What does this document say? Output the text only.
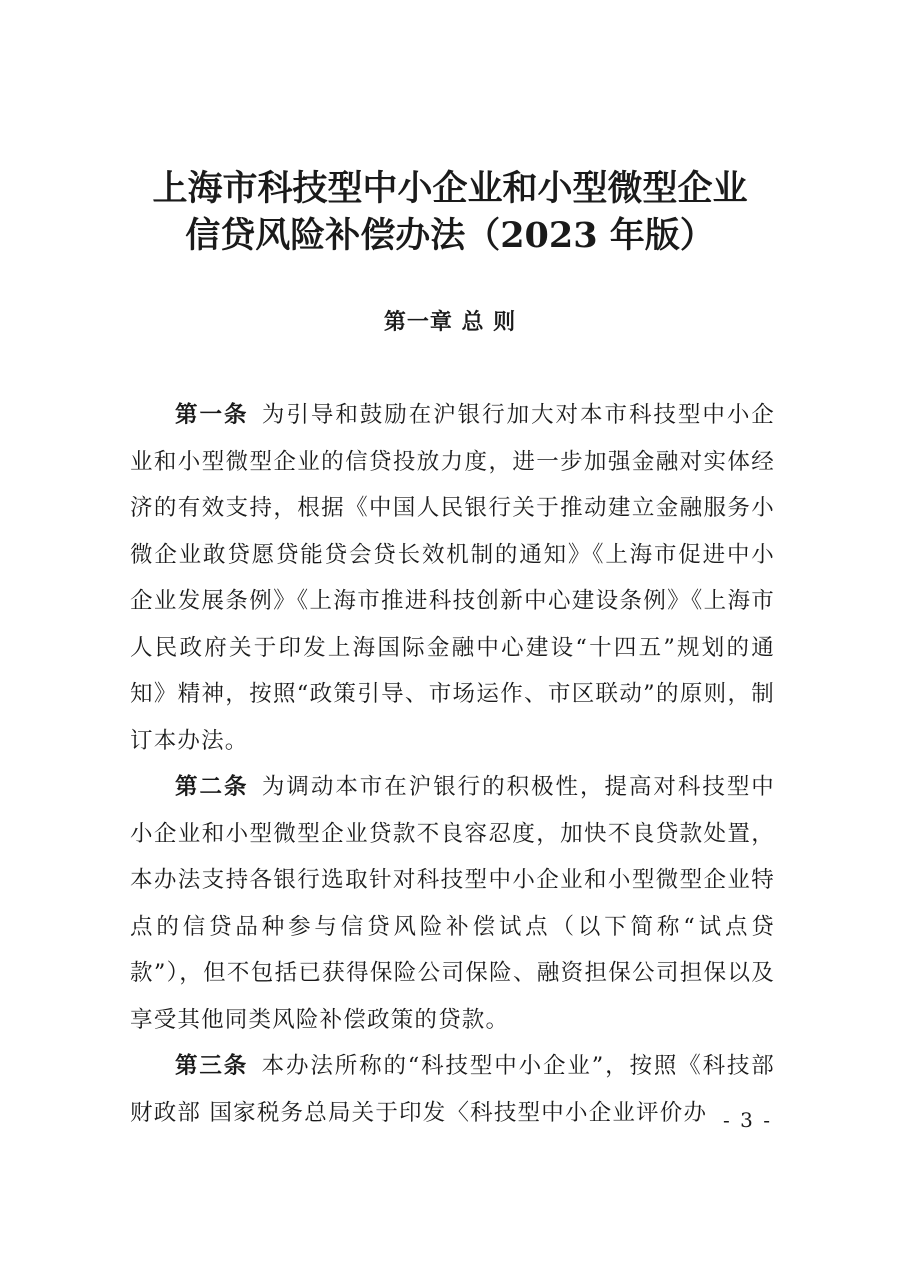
上海市科技型中小企业和小型微型企业
信贷风险补偿办法（2023 年版）
第一章 总 则

第一条 为引导和鼓励在沪银行加大对本市科技型中小企业和小型微型企业的信贷投放力度，进一步加强金融对实体经济的有效支持，根据《中国人民银行关于推动建立金融服务小微企业敢贷愿贷能贷会贷长效机制的通知》《上海市促进中小企业发展条例》《上海市推进科技创新中心建设条例》《上海市人民政府关于印发上海国际金融中心建设“十四五”规划的通知》精神，按照“政策引导、市场运作、市区联动”的原则，制订本办法。

第二条 为调动本市在沪银行的积极性，提高对科技型中小企业和小型微型企业贷款不良容忍度，加快不良贷款处置，本办法支持各银行选取针对科技型中小企业和小型微型企业特点的信贷品种参与信贷风险补偿试点（以下简称“试点贷款”），但不包括已获得保险公司保险、融资担保公司担保以及享受其他同类风险补偿政策的贷款。

第三条 本办法所称的“科技型中小企业”，按照《科技部 财政部 国家税务总局关于印发〈科技型中小企业评价办 - 3 -
